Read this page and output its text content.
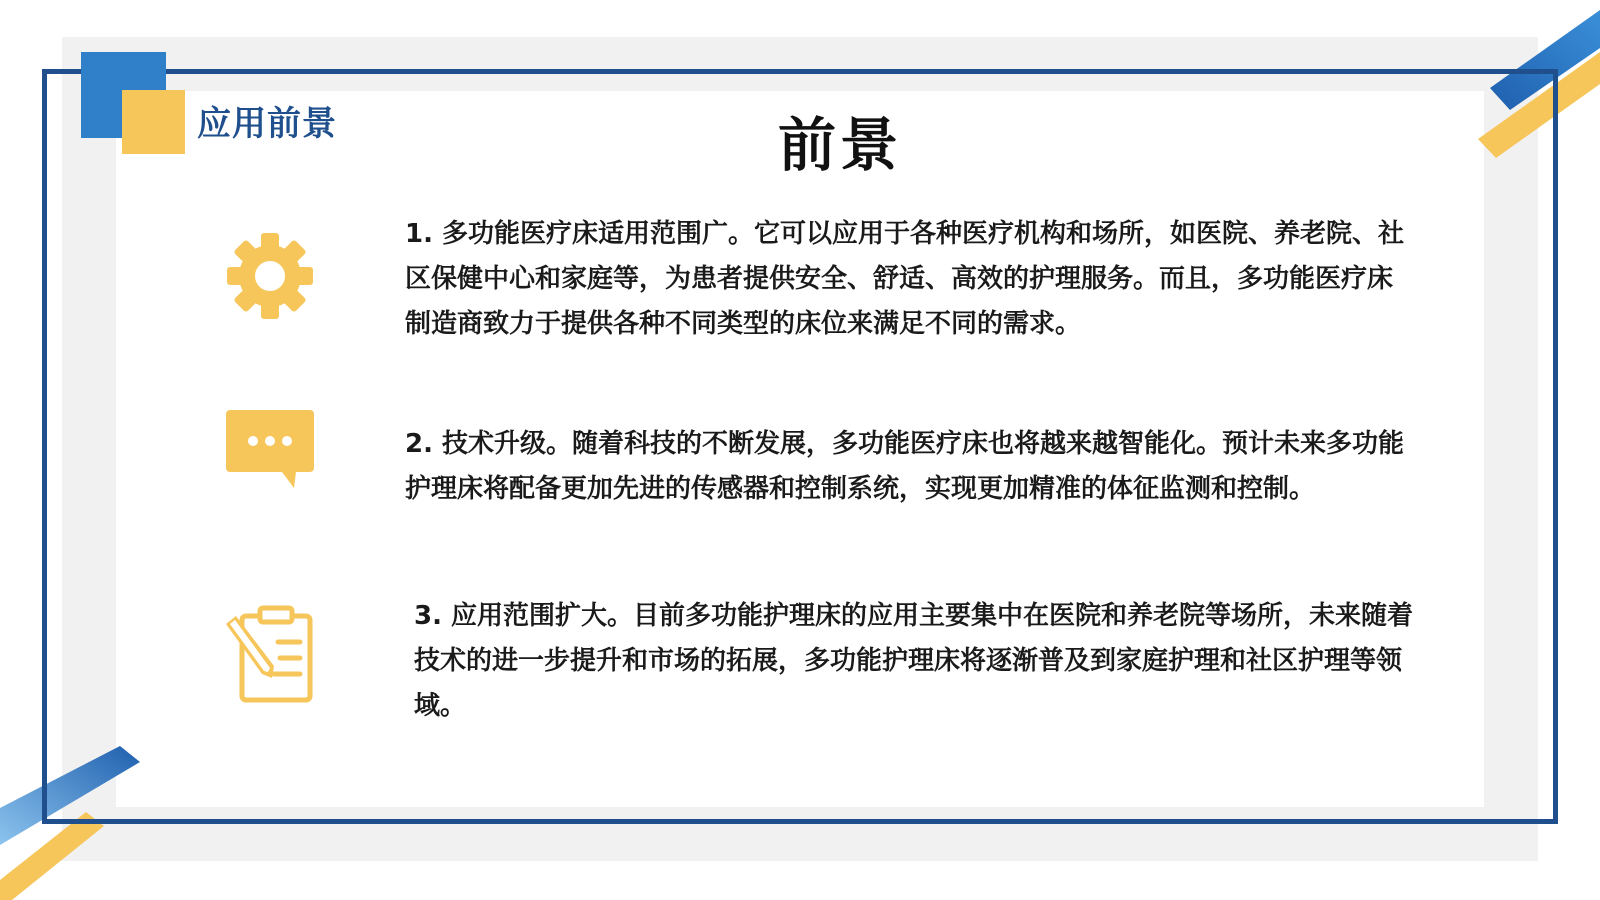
应用前景	前景

1. 多功能医疗床适用范围广。它可以应用于各种医疗机构和场所，如医院、养老院、社区保健中心和家庭等，为患者提供安全、舒适、高效的护理服务。而且，多功能医疗床制造商致力于提供各种不同类型的床位来满足不同的需求。

2. 技术升级。随着科技的不断发展，多功能医疗床也将越来越智能化。预计未来多功能护理床将配备更加先进的传感器和控制系统，实现更加精准的体征监测和控制。

3. 应用范围扩大。目前多功能护理床的应用主要集中在医院和养老院等场所，未来随着技术的进一步提升和市场的拓展，多功能护理床将逐渐普及到家庭护理和社区护理等领域。
